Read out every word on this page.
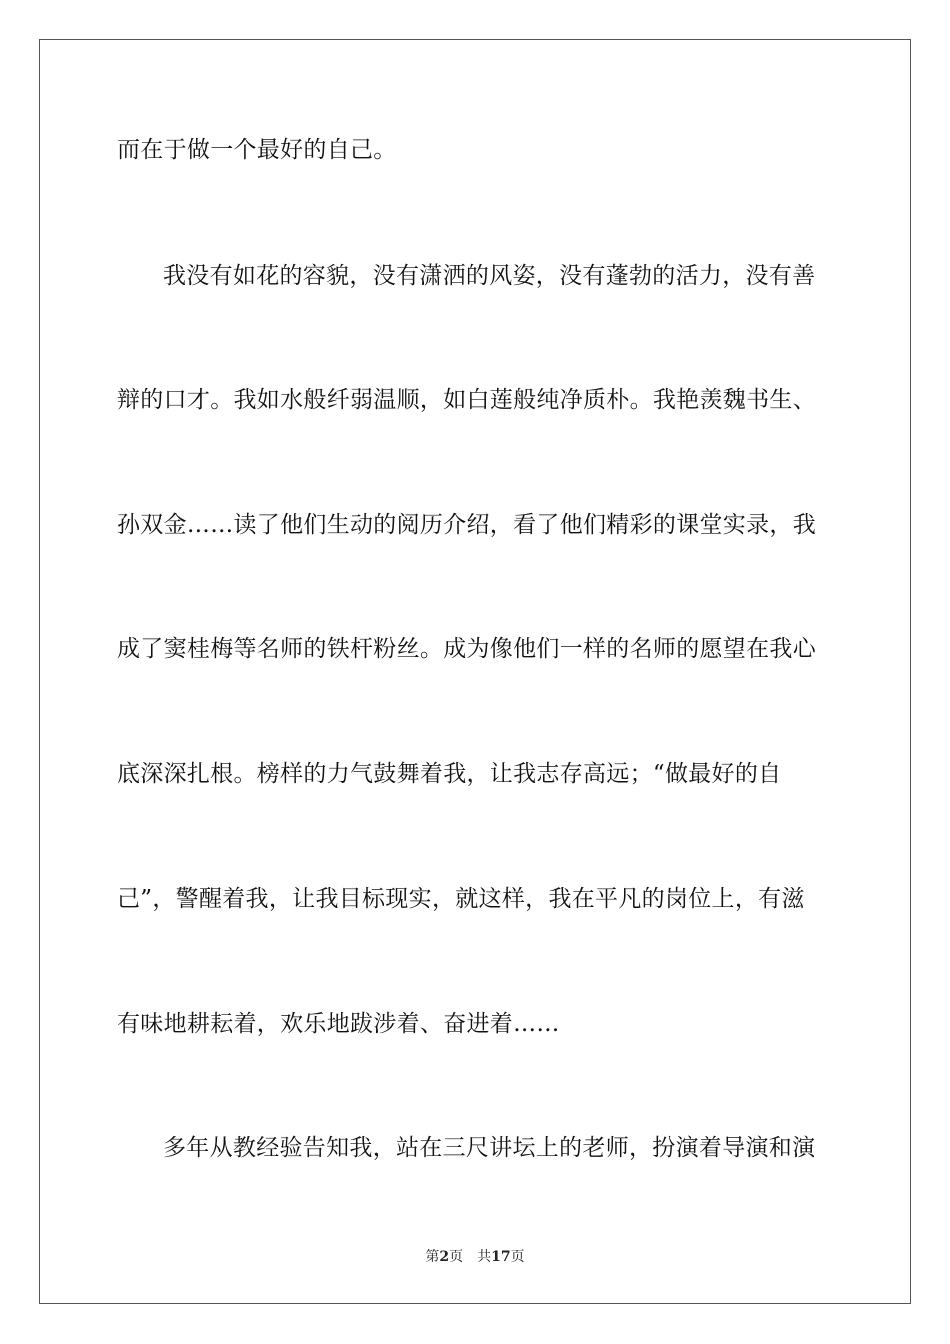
而在于做一个最好的自己。
我没有如花的容貌，没有潇洒的风姿，没有蓬勃的活力，没有善
辩的口才。我如水般纤弱温顺，如白莲般纯净质朴。我艳羡魏书生、
孙双金……读了他们生动的阅历介绍，看了他们精彩的课堂实录，我
成了窦桂梅等名师的铁杆粉丝。成为像他们一样的名师的愿望在我心
底深深扎根。榜样的力气鼓舞着我，让我志存高远；“做最好的自
己”，警醒着我，让我目标现实，就这样，我在平凡的岗位上，有滋
有味地耕耘着，欢乐地跋涉着、奋进着……
多年从教经验告知我，站在三尺讲坛上的老师，扮演着导演和演
第2页 共17页
